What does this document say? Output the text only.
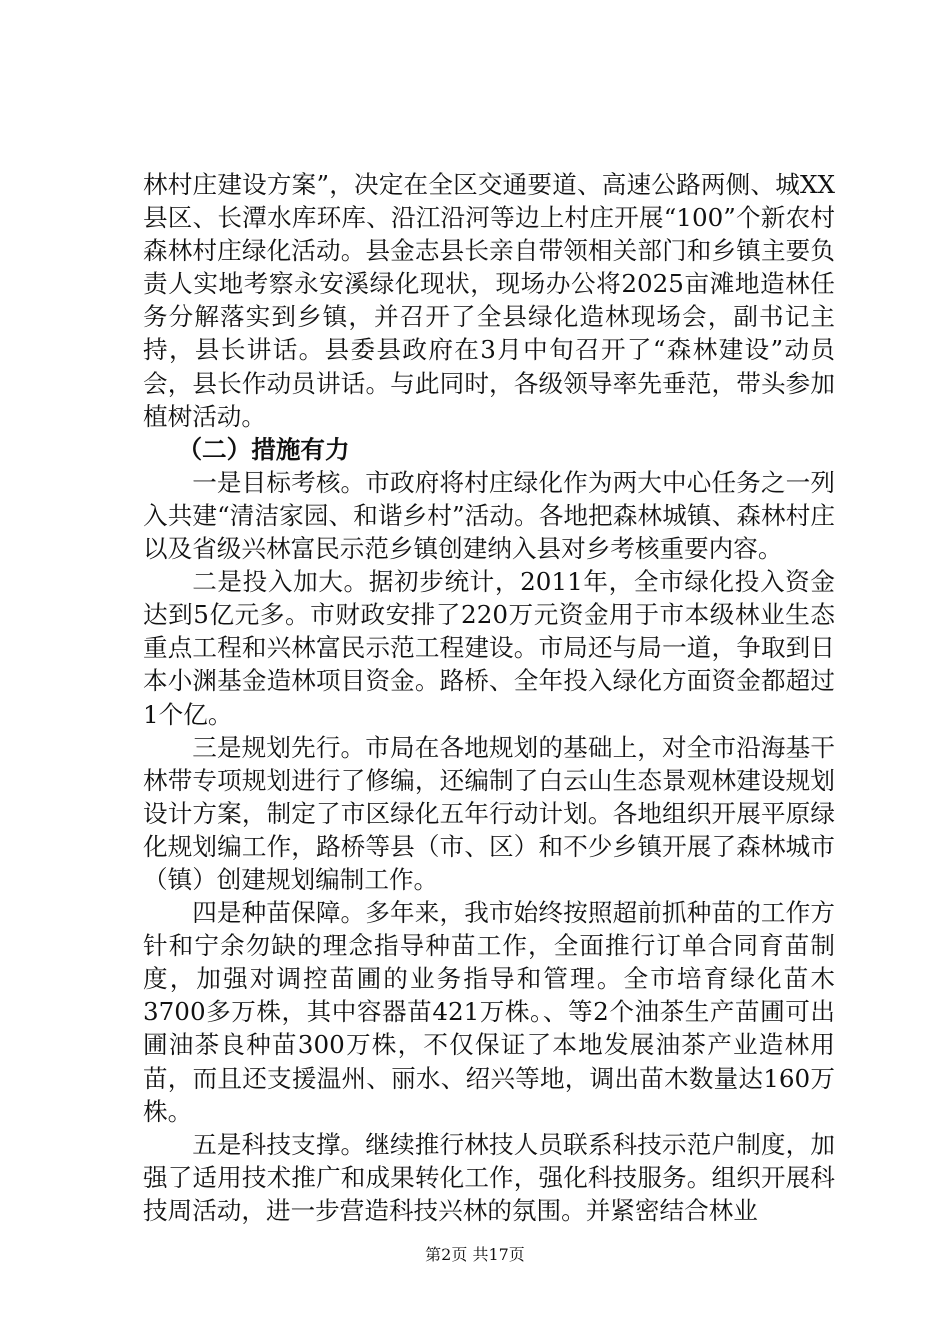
林村庄建设方案”，决定在全区交通要道、高速公路两侧、城XX县区、长潭水库环库、沿江沿河等边上村庄开展“100”个新农村森林村庄绿化活动。县金志县长亲自带领相关部门和乡镇主要负责人实地考察永安溪绿化现状，现场办公将2025亩滩地造林任务分解落实到乡镇，并召开了全县绿化造林现场会，副书记主持，县长讲话。县委县政府在3月中旬召开了“森林建设”动员会，县长作动员讲话。与此同时，各级领导率先垂范，带头参加植树活动。

（二）措施有力

一是目标考核。市政府将村庄绿化作为两大中心任务之一列入共建“清洁家园、和谐乡村”活动。各地把森林城镇、森林村庄以及省级兴林富民示范乡镇创建纳入县对乡考核重要内容。

二是投入加大。据初步统计，2011年，全市绿化投入资金达到5亿元多。市财政安排了220万元资金用于市本级林业生态重点工程和兴林富民示范工程建设。市局还与局一道，争取到日本小渊基金造林项目资金。路桥、全年投入绿化方面资金都超过1个亿。

三是规划先行。市局在各地规划的基础上，对全市沿海基干林带专项规划进行了修编，还编制了白云山生态景观林建设规划设计方案，制定了市区绿化五年行动计划。各地组织开展平原绿化规划编工作，路桥等县（市、区）和不少乡镇开展了森林城市（镇）创建规划编制工作。

四是种苗保障。多年来，我市始终按照超前抓种苗的工作方针和宁余勿缺的理念指导种苗工作，全面推行订单合同育苗制度，加强对调控苗圃的业务指导和管理。全市培育绿化苗木3700多万株，其中容器苗421万株。、等2个油茶生产苗圃可出圃油茶良种苗300万株，不仅保证了本地发展油茶产业造林用苗，而且还支援温州、丽水、绍兴等地，调出苗木数量达160万株。

五是科技支撑。继续推行林技人员联系科技示范户制度，加强了适用技术推广和成果转化工作，强化科技服务。组织开展科技周活动，进一步营造科技兴林的氛围。并紧密结合林业

第2页 共17页
